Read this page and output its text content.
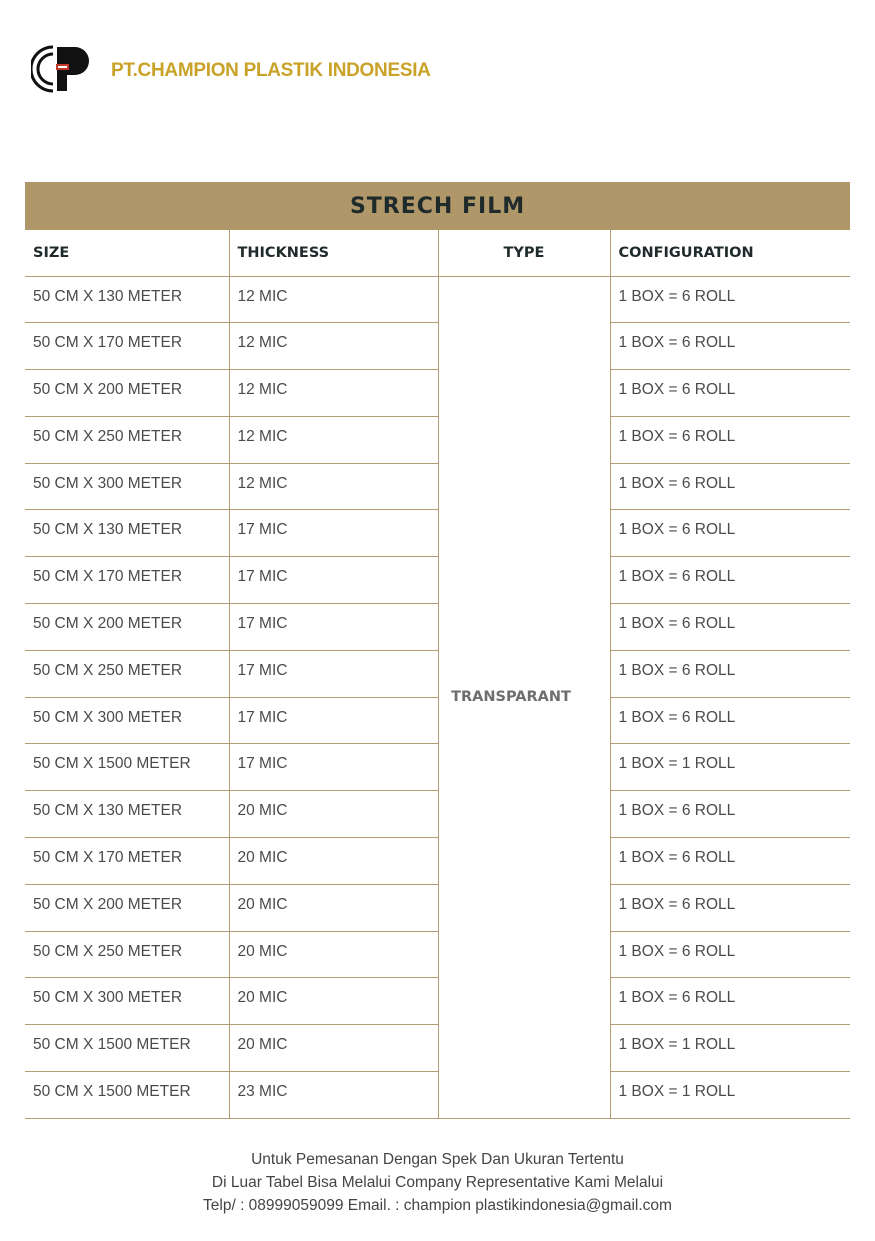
PT.CHAMPION PLASTIK INDONESIA
STRECH FILM			
SIZE	THICKNESS	TYPE	CONFIGURATION
50 CM X 130 METER	12 MIC	TRANSPARANT	1 BOX = 6 ROLL
50 CM X 170 METER	12 MIC		1 BOX = 6 ROLL
50 CM X 200 METER	12 MIC		1 BOX = 6 ROLL
50 CM X 250 METER	12 MIC		1 BOX = 6 ROLL
50 CM X 300 METER	12 MIC		1 BOX = 6 ROLL
50 CM X 130 METER	17 MIC		1 BOX = 6 ROLL
50 CM X 170 METER	17 MIC		1 BOX = 6 ROLL
50 CM X 200 METER	17 MIC		1 BOX = 6 ROLL
50 CM X 250 METER	17 MIC		1 BOX = 6 ROLL
50 CM X 300 METER	17 MIC		1 BOX = 6 ROLL
50 CM X 1500 METER	17 MIC		1 BOX = 1 ROLL
50 CM X 130 METER	20 MIC		1 BOX = 6 ROLL
50 CM X 170 METER	20 MIC		1 BOX = 6 ROLL
50 CM X 200 METER	20 MIC		1 BOX = 6 ROLL
50 CM X 250 METER	20 MIC		1 BOX = 6 ROLL
50 CM X 300 METER	20 MIC		1 BOX = 6 ROLL
50 CM X 1500 METER	20 MIC		1 BOX = 1 ROLL
50 CM X 1500 METER	23 MIC		1 BOX = 1 ROLL
Untuk Pemesanan Dengan Spek Dan Ukuran Tertentu
Di Luar Tabel Bisa Melalui Company Representative Kami Melalui
Telp/ : 08999059099 Email. : champion plastikindonesia@gmail.com
